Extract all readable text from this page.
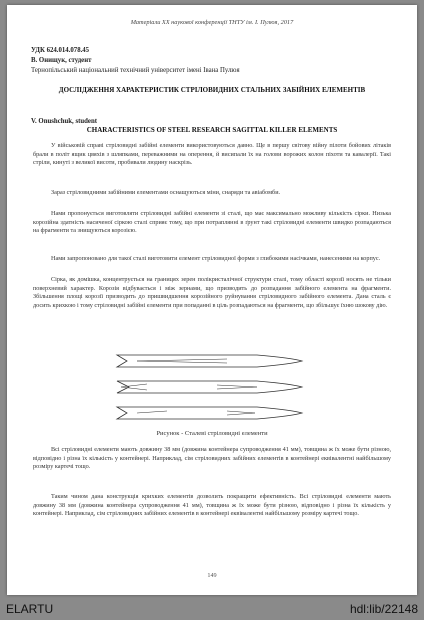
Матеріали XX наукової конференції ТНТУ ім. І. Пулюя, 2017
УДК 624.014.078.45
В. Онищук, студент
Тернопільський національний технічний університет імені Івана Пулюя
ДОСЛІДЖЕННЯ ХАРАКТЕРИСТИК СТРІЛОВИДНИХ СТАЛЬНИХ ЗАБІЙНИХ ЕЛЕМЕНТІВ
V. Onushchuk, student
CHARACTERISTICS OF STEEL RESEARCH SAGITTAL KILLER ELEMENTS
У військовій справі стріловидні забійні елементи використовуються давно. Ще в першу світову війну пілоти бойових літаків брали в політ ящик цвяхів з шляпками, переважними на оперення, й висипали їх на голови ворожих колон піхоти та кавалерії. Такі стріли, кинуті з великої висоти, пробивали людину наскрізь.
Зараз стріловидними забійними елементами оснащуються міни, снаряди та авіабомби.
Нами пропонується виготовляти стріловидні забійні елементи зі сталі, що має максимально можливу кількість сірки. Низька корозійна здатність насиченої сіркою сталі сприяє тому, що при потраплянні в ґрунт такі стріловидні елементи швидко розпадаються на фрагменти та знищуються корозією.
Нами запропоновано для такої сталі виготовити елемент стріловидної форми з глибокими насічками, нанесеними на корпус.
Сірка, як домішка, концентрується на границях зерен полікристалічної структури сталі, тому області корозії носять не тільки поверхневий характер. Корозія відбувається і між зернами, що призводить до розпадання забійного елемента на фрагменти. Збільшення площі корозії призводить до пришвидшення корозійного руйнування стріловидного забійного елемента. Дана сталь є досить крихкою і тому стріловидні забійні елементи при попаданні в ціль розпадаються на фрагменти, що збільшує їхню шокову дію.
Рисунок - Сталеві стріловидні елементи
Всі стріловидні елементи мають довжину 38 мм (довжина контейнера супроводження 41 мм), товщина ж їх може бути різною, відповідно і різна їх кількість у контейнері. Наприклад, сім стріловидних забійних елементів в контейнері еквівалентні найбільшому розміру картечі тощо.
Таким чином дана конструкція крихких елементів дозволить покращити ефективність. Всі стріловидні елементи мають довжину 38 мм (довжина контейнера супроводження 41 мм), товщина ж їх може бути різною, відповідно і різна їх кількість у контейнері. Наприклад, сім стріловидних забійних елементів в контейнері еквівалентні найбільшому розміру картечі тощо.
149
ELARTU	hdl:lib/22148
